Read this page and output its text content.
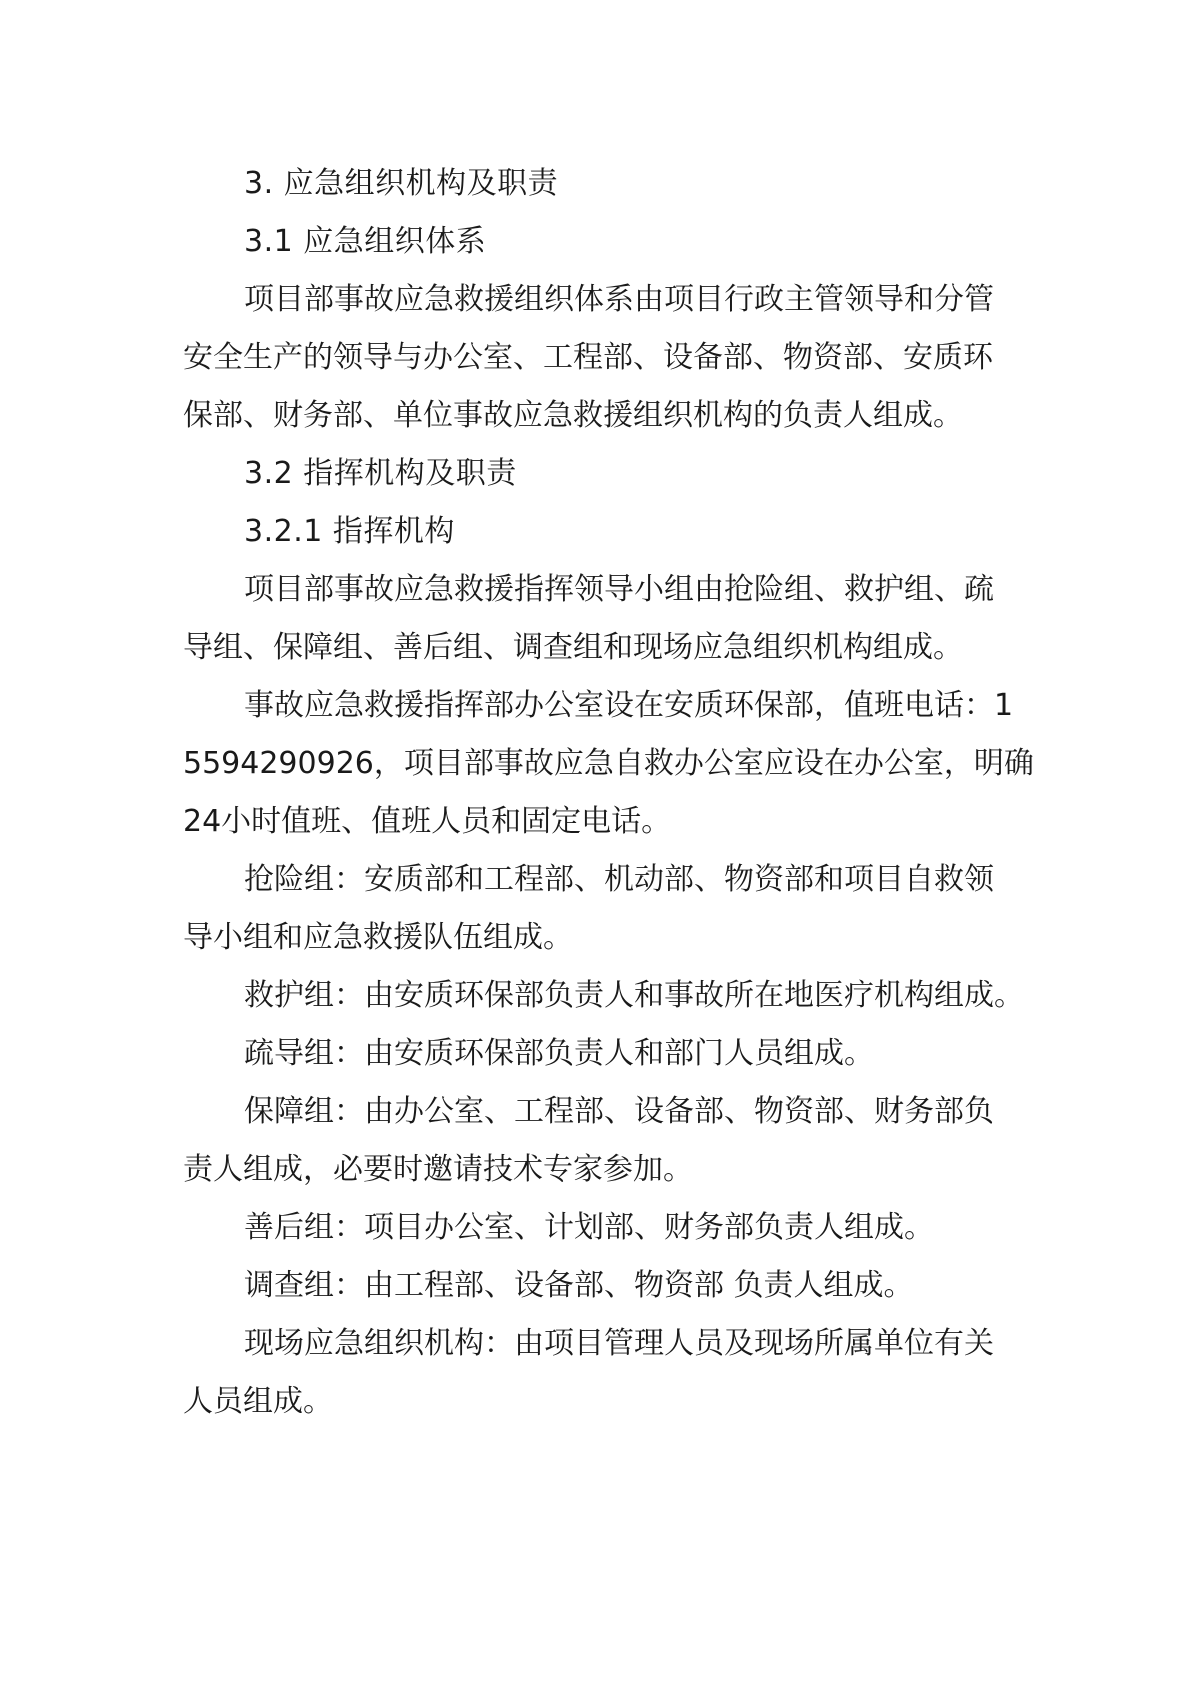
3. 应急组织机构及职责
3.1 应急组织体系
项目部事故应急救援组织体系由项目行政主管领导和分管
安全生产的领导与办公室、工程部、设备部、物资部、安质环
保部、财务部、单位事故应急救援组织机构的负责人组成。
3.2 指挥机构及职责
3.2.1 指挥机构
项目部事故应急救援指挥领导小组由抢险组、救护组、疏
导组、保障组、善后组、调查组和现场应急组织机构组成。
事故应急救援指挥部办公室设在安质环保部，值班电话：1
5594290926，项目部事故应急自救办公室应设在办公室，明确
24小时值班、值班人员和固定电话。
抢险组：安质部和工程部、机动部、物资部和项目自救领
导小组和应急救援队伍组成。
救护组：由安质环保部负责人和事故所在地医疗机构组成。
疏导组：由安质环保部负责人和部门人员组成。
保障组：由办公室、工程部、设备部、物资部、财务部负
责人组成，必要时邀请技术专家参加。
善后组：项目办公室、计划部、财务部负责人组成。
调查组：由工程部、设备部、物资部 负责人组成。
现场应急组织机构：由项目管理人员及现场所属单位有关
人员组成。
